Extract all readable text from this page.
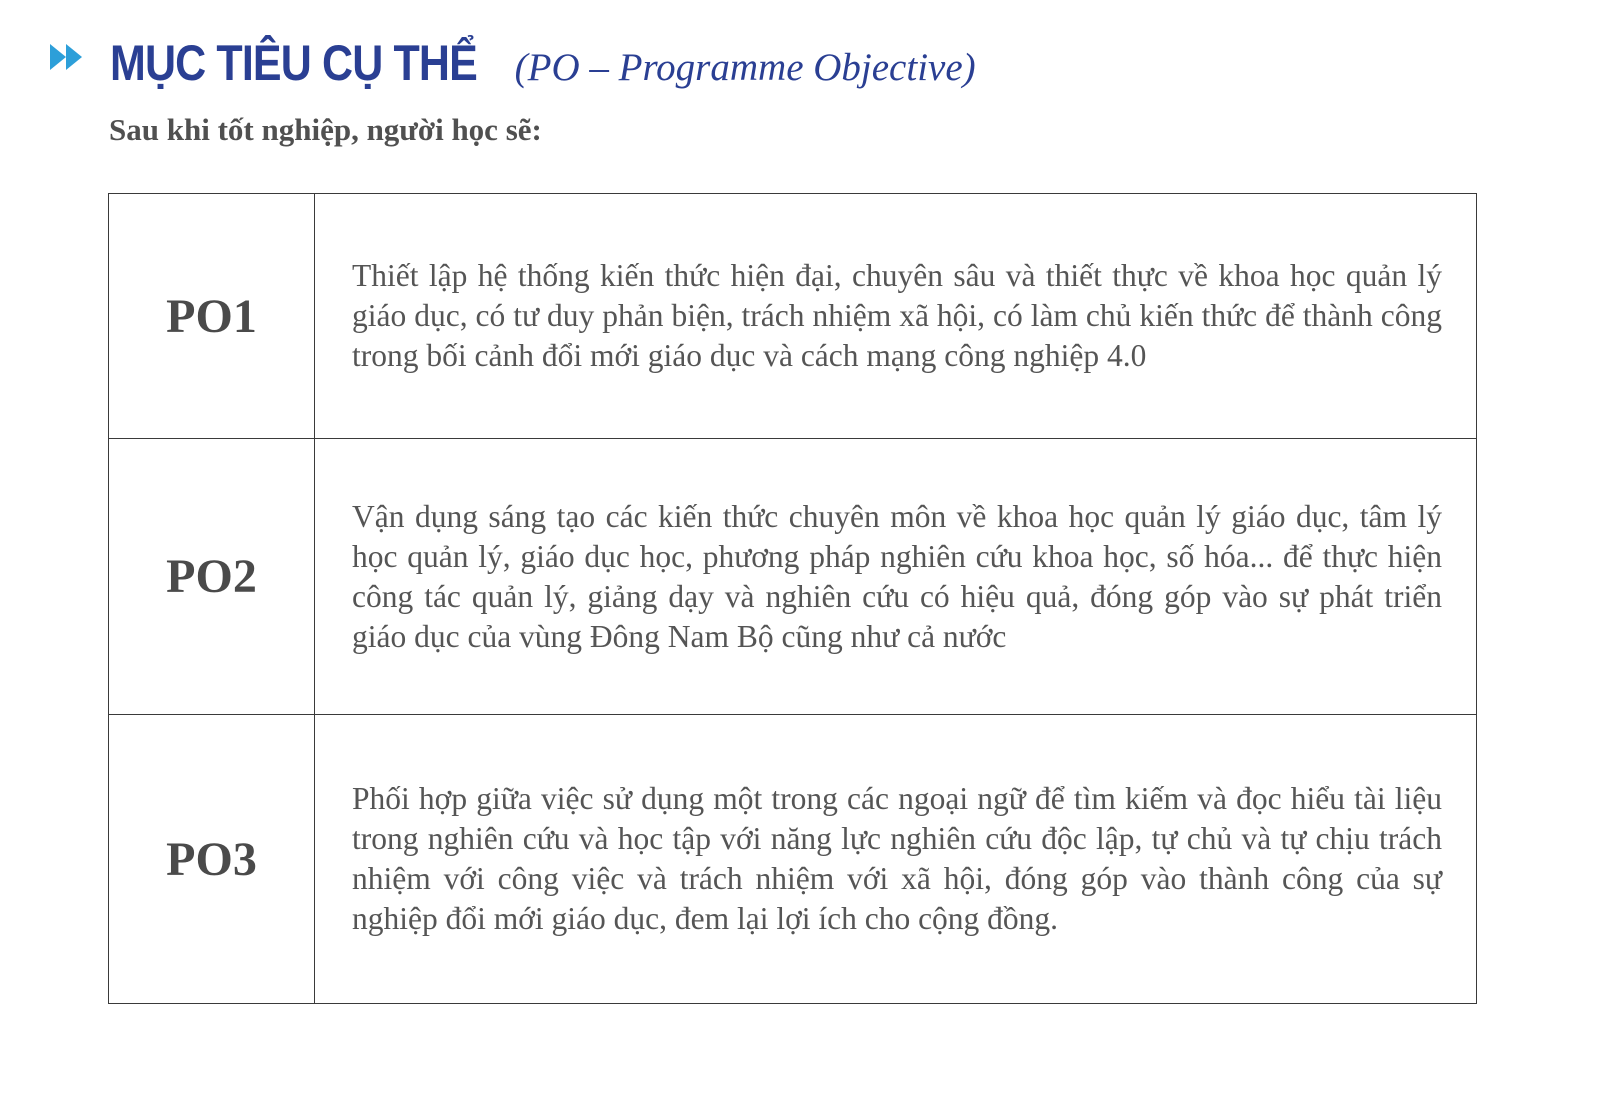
MỤC TIÊU CỤ THỂ (PO – Programme Objective)
Sau khi tốt nghiệp, người học sẽ:
PO1	Thiết lập hệ thống kiến thức hiện đại, chuyên sâu và thiết thực về khoa học quản lý giáo dục, có tư duy phản biện, trách nhiệm xã hội, có làm chủ kiến thức để thành công trong bối cảnh đổi mới giáo dục và cách mạng công nghiệp 4.0
PO2	Vận dụng sáng tạo các kiến thức chuyên môn về khoa học quản lý giáo dục, tâm lý học quản lý, giáo dục học, phương pháp nghiên cứu khoa học, số hóa... để thực hiện công tác quản lý, giảng dạy và nghiên cứu có hiệu quả, đóng góp vào sự phát triển giáo dục của vùng Đông Nam Bộ cũng như cả nước
PO3	Phối hợp giữa việc sử dụng một trong các ngoại ngữ để tìm kiếm và đọc hiểu tài liệu trong nghiên cứu và học tập với năng lực nghiên cứu độc lập, tự chủ và tự chịu trách nhiệm với công việc và trách nhiệm với xã hội, đóng góp vào thành công của sự nghiệp đổi mới giáo dục, đem lại lợi ích cho cộng đồng.
